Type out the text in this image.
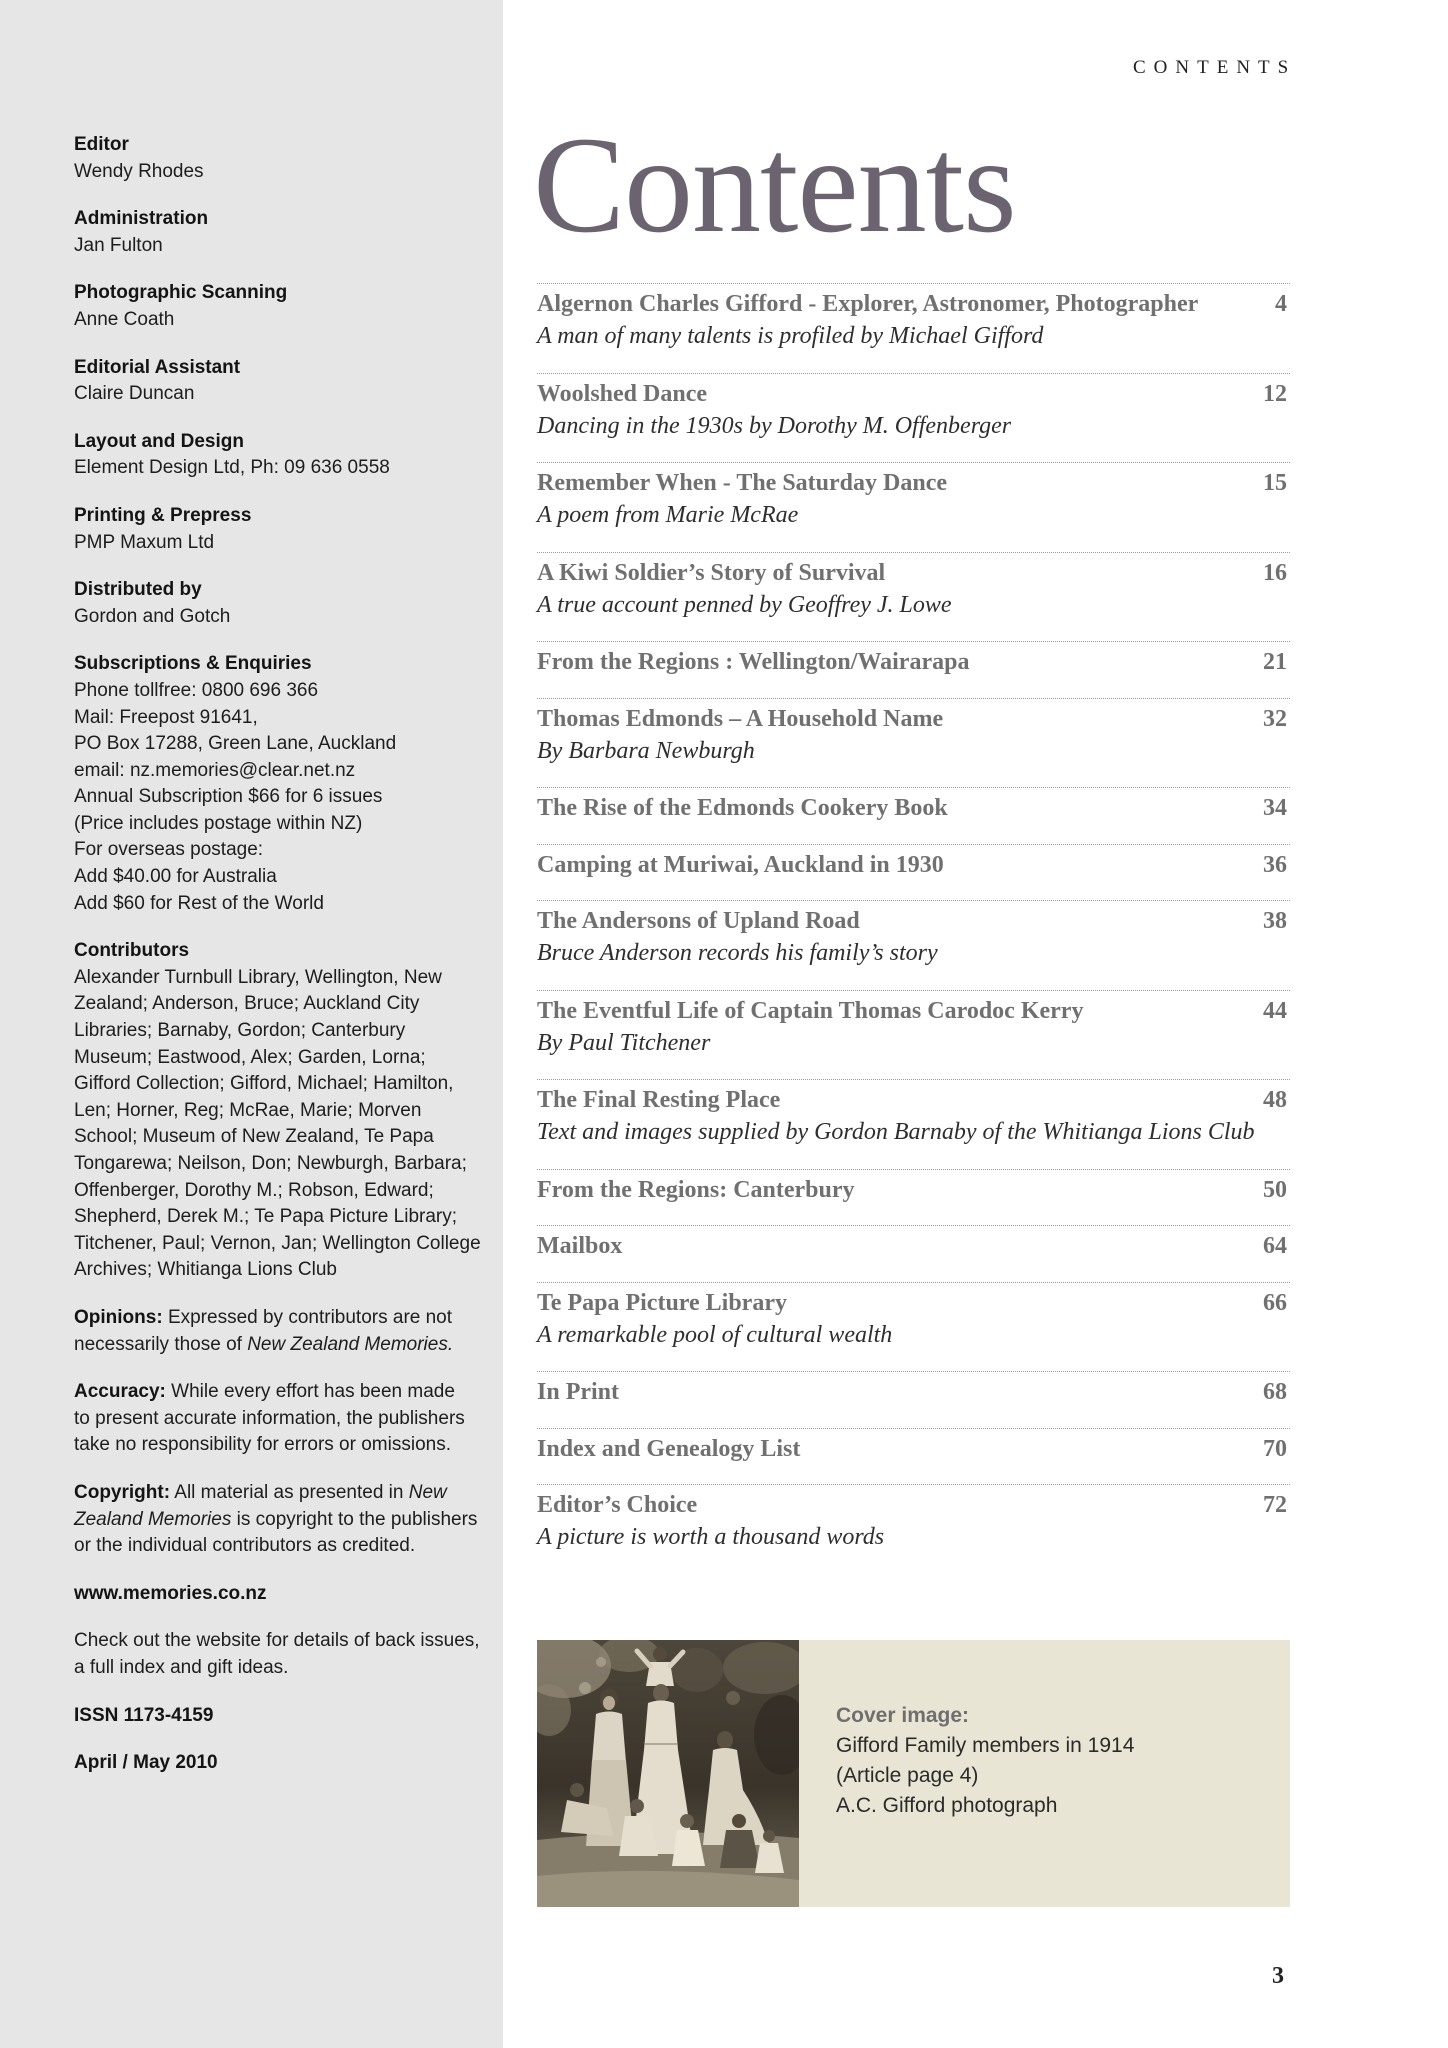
Editor
Wendy Rhodes
Administration
Jan Fulton
Photographic Scanning
Anne Coath
Editorial Assistant
Claire Duncan
Layout and Design
Element Design Ltd, Ph: 09 636 0558
Printing & Prepress
PMP Maxum Ltd
Distributed by
Gordon and Gotch
Subscriptions & Enquiries
Phone tollfree: 0800 696 366
Mail: Freepost 91641,
PO Box 17288, Green Lane, Auckland
email: nz.memories@clear.net.nz
Annual Subscription $66 for 6 issues
(Price includes postage within NZ)
For overseas postage:
Add $40.00 for Australia
Add $60 for Rest of the World
Contributors
Alexander Turnbull Library, Wellington, New
Zealand; Anderson, Bruce; Auckland City
Libraries; Barnaby, Gordon; Canterbury
Museum; Eastwood, Alex; Garden, Lorna;
Gifford Collection; Gifford, Michael; Hamilton,
Len; Horner, Reg; McRae, Marie; Morven
School; Museum of New Zealand, Te Papa
Tongarewa; Neilson, Don; Newburgh, Barbara;
Offenberger, Dorothy M.; Robson, Edward;
Shepherd, Derek M.; Te Papa Picture Library;
Titchener, Paul; Vernon, Jan; Wellington College
Archives; Whitianga Lions Club
Opinions: Expressed by contributors are not
necessarily those of New Zealand Memories.
Accuracy: While every effort has been made
to present accurate information, the publishers
take no responsibility for errors or omissions.
Copyright: All material as presented in New
Zealand Memories is copyright to the publishers
or the individual contributors as credited.
www.memories.co.nz
Check out the website for details of back issues,
a full index and gift ideas.
ISSN 1173-4159
April / May 2010
CONTENTS
Contents
Algernon Charles Gifford - Explorer, Astronomer, Photographer	4
A man of many talents is profiled by Michael Gifford
Woolshed Dance	12
Dancing in the 1930s by Dorothy M. Offenberger
Remember When - The Saturday Dance	15
A poem from Marie McRae
A Kiwi Soldier’s Story of Survival	16
A true account penned by Geoffrey J. Lowe
From the Regions : Wellington/Wairarapa	21
Thomas Edmonds – A Household Name	32
By Barbara Newburgh
The Rise of the Edmonds Cookery Book	34
Camping at Muriwai, Auckland in 1930	36
The Andersons of Upland Road	38
Bruce Anderson records his family’s story
The Eventful Life of Captain Thomas Carodoc Kerry	44
By Paul Titchener
The Final Resting Place	48
Text and images supplied by Gordon Barnaby of the Whitianga Lions Club
From the Regions: Canterbury	50
Mailbox	64
Te Papa Picture Library	66
A remarkable pool of cultural wealth
In Print	68
Index and Genealogy List	70
Editor’s Choice	72
A picture is worth a thousand words
Cover image:
Gifford Family members in 1914
(Article page 4)
A.C. Gifford photograph
3
